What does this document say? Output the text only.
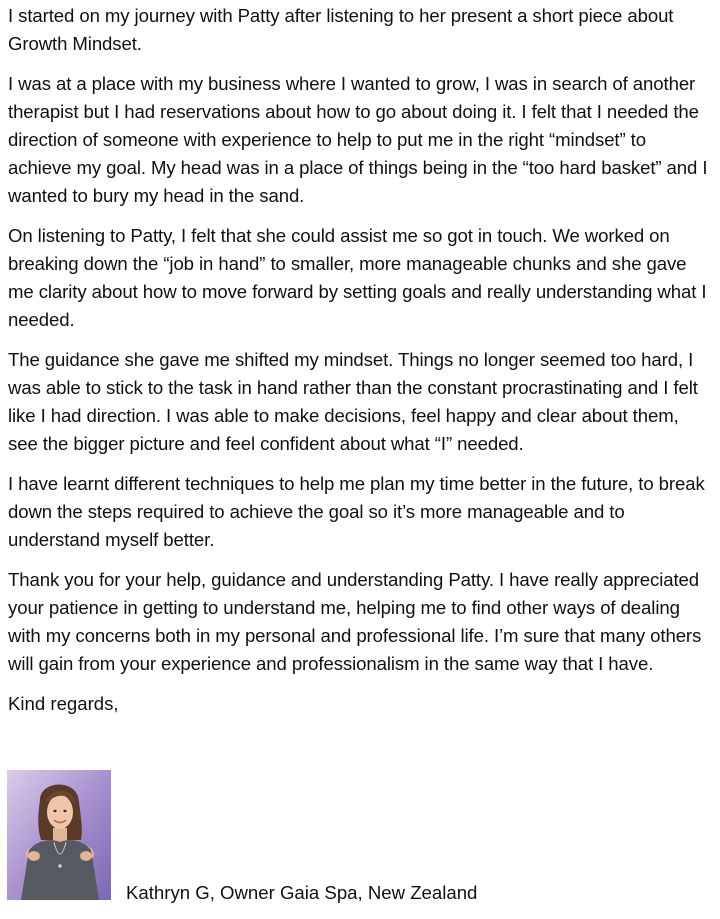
I started on my journey with Patty after listening to her present a short piece about Growth Mindset.

I was at a place with my business where I wanted to grow, I was in search of another therapist but I had reservations about how to go about doing it. I felt that I needed the direction of someone with experience to help to put me in the right “mindset” to achieve my goal. My head was in a place of things being in the “too hard basket” and I wanted to bury my head in the sand.

On listening to Patty, I felt that she could assist me so got in touch. We worked on breaking down the “job in hand” to smaller, more manageable chunks and she gave me clarity about how to move forward by setting goals and really understanding what I needed.

The guidance she gave me shifted my mindset. Things no longer seemed too hard, I was able to stick to the task in hand rather than the constant procrastinating and I felt like I had direction. I was able to make decisions, feel happy and clear about them, see the bigger picture and feel confident about what “I” needed.

I have learnt different techniques to help me plan my time better in the future, to break down the steps required to achieve the goal so it’s more manageable and to understand myself better.

Thank you for your help, guidance and understanding Patty. I have really appreciated your patience in getting to understand me, helping me to find other ways of dealing with my concerns both in my personal and professional life. I’m sure that many others will gain from your experience and professionalism in the same way that I have.

Kind regards,

Kathryn G, Owner Gaia Spa, New Zealand
